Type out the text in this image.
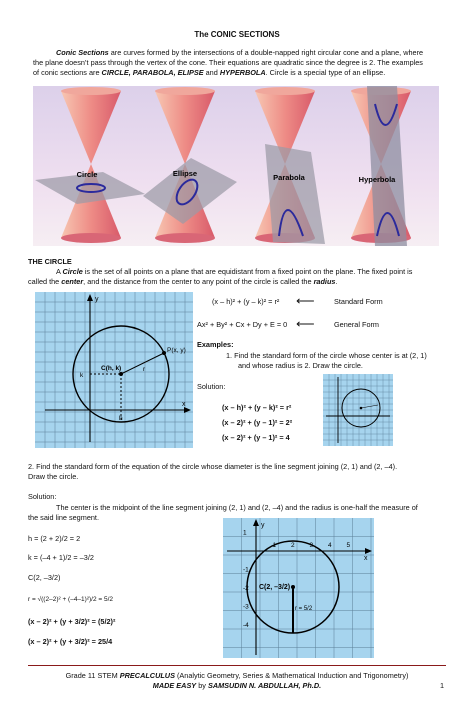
The CONIC SECTIONS
Conic Sections are curves formed by the intersections of a double-napped right circular cone and a plane, where
the plane doesn’t pass through the vertex of the cone. Their equations are quadratic since the degree is 2. The examples
of conic sections are CIRCLE, PARABOLA, ELIPSE and HYPERBOLA. Circle is a special type of an ellipse.
Circle	Ellipse	Parabola	Hyperbola
THE CIRCLE
A Circle is the set of all points on a plane that are equidistant from a fixed point on the plane. The fixed point is
called the center, and the distance from the center to any point of the circle is called the radius.
y
x
C(h, k)
P(x, y)
r
k
h
(x – h)² + (y – k)² = r² ⟵	Standard Form
Ax² + By² + Cx + Dy + E = 0 ⟵	General Form
Examples:
1. Find the standard form of the circle whose center is at (2, 1)
and whose radius is 2. Draw the circle.
Solution:
(x – h)² + (y – k)² = r²
(x – 2)² + (y – 1)² = 2²
(x – 2)² + (y – 1)² = 4
2. Find the standard form of the equation of the circle whose diameter is the line segment joining (2, 1) and (2, –4).
Draw the circle.
Solution:
The center is the midpoint of the line segment joining (2, 1) and (2, –4) and the radius is one-half the measure of
the said line segment.
h = (2 + 2)/2 = 2
k = (–4 + 1)/2 = –3/2
C(2, –3/2)
r = √((2–2)² + (–4–1)²)/2 = 5/2
(x – 2)² + (y + 3/2)² = (5/2)²
(x – 2)² + (y + 3/2)² = 25/4
y
x
C(2, –3/2)
r = 5/2
1 2 3 4 5
1
-1
-2
-3
-4
Grade 11 STEM PRECALCULUS (Analytic Geometry, Series & Mathematical Induction and Trigonometry)
MADE EASY by SAMSUDIN N. ABDULLAH, Ph.D.	1
